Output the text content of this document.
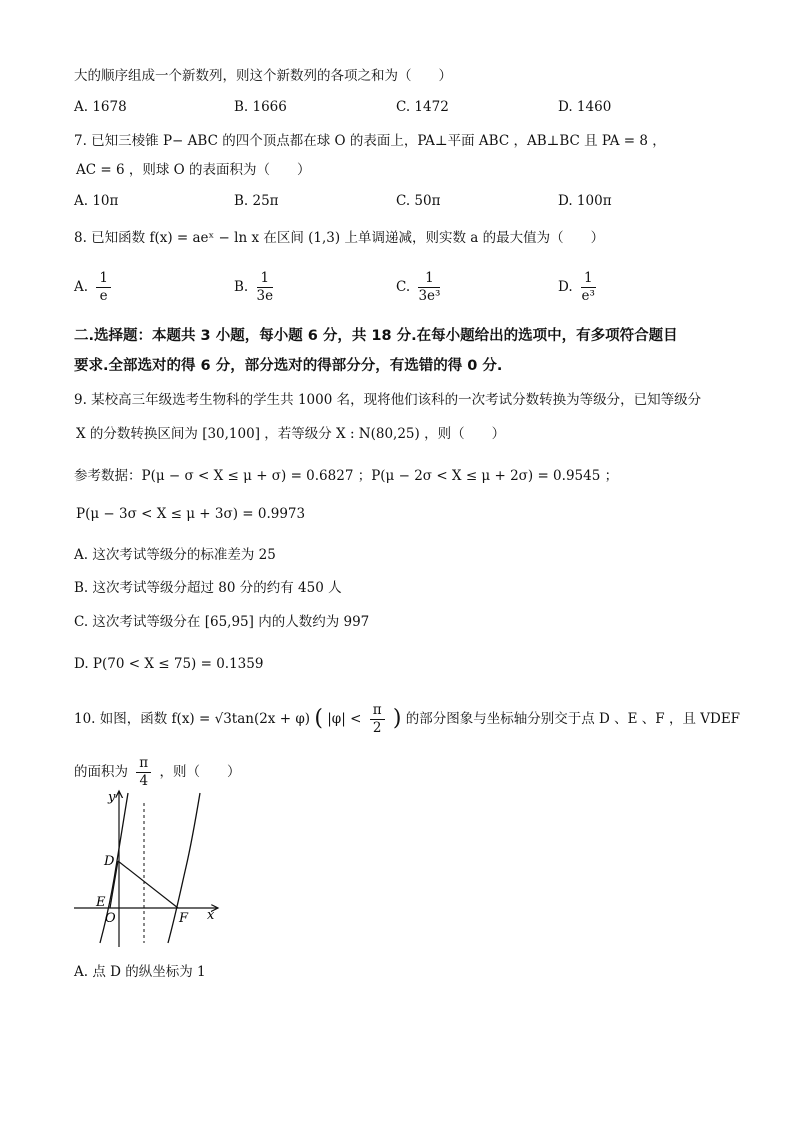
大的顺序组成一个新数列，则这个新数列的各项之和为（　　）
A. 1678	B. 1666	C. 1472	D. 1460
7. 已知三棱锥 P− ABC 的四个顶点都在球 O 的表面上，PA⊥平面 ABC ，AB⊥BC 且 PA = 8 ，
AC = 6 ，则球 O 的表面积为（　　）
A. 10π	B. 25π	C. 50π	D. 100π
8. 已知函数 f(x) = aeˣ − ln x 在区间 (1,3) 上单调递减，则实数 a 的最大值为（　　）
A. $\frac{1}{e}$	B. $\frac{1}{3e}$	C. $\frac{1}{\text{3e³}}$	D. $\frac{1}{\text{e³}}$
二.选择题：本题共 3 小题，每小题 6 分，共 18 分.在每小题给出的选项中，有多项符合题目
要求.全部选对的得 6 分，部分选对的得部分分，有选错的得 0 分.
9. 某校高三年级选考生物科的学生共 1000 名，现将他们该科的一次考试分数转换为等级分，已知等级分
X 的分数转换区间为 [30,100] ，若等级分 X : N(80,25) ，则（　　）
参考数据：P(μ − σ < X ≤ μ + σ) = 0.6827 ；P(μ − 2σ < X ≤ μ + 2σ) = 0.9545 ；
P(μ − 3σ < X ≤ μ + 3σ) = 0.9973
A. 这次考试等级分的标准差为 25
B. 这次考试等级分超过 80 分的约有 450 人
C. 这次考试等级分在 [65,95] 内的人数约为 997
D. P(70 < X ≤ 75) = 0.1359
10. 如图，函数 f(x) = √3tan(2x + φ) ( $|\varphi| < \frac{\pi}{2}$ ) 的部分图象与坐标轴分别交于点 D 、E 、F ，且 VDEF
的面积为 $\frac{\pi}{4}$ ，则（　　）
y
x
D
E
O	F
A. 点 D 的纵坐标为 1
